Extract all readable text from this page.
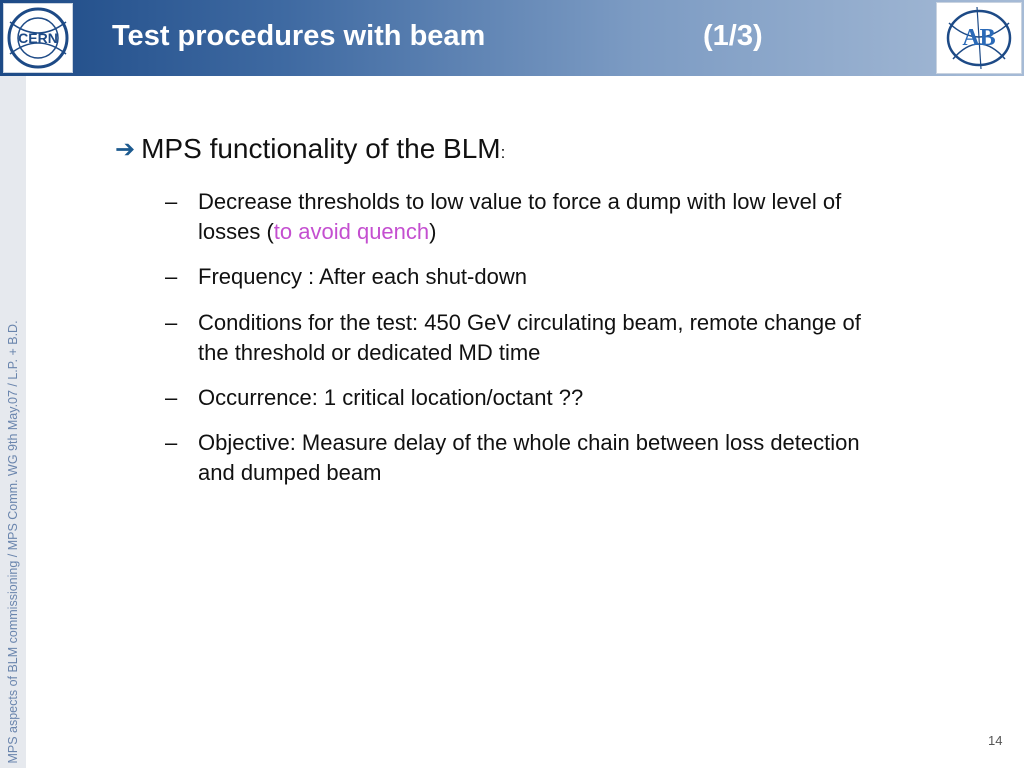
CERN Test procedures with beam	(1/3)	AB
MPS aspects of BLM commissioning / MPS Comm. WG 9th May.07 / L.P. + B.D.
➔ MPS functionality of the BLM:
– Decrease thresholds to low value to force a dump with low level of losses (to avoid quench)
– Frequency : After each shut-down
– Conditions for the test: 450 GeV circulating beam, remote change of the threshold or dedicated MD time
– Occurrence: 1 critical location/octant ??
– Objective: Measure delay of the whole chain between loss detection and dumped beam
14
